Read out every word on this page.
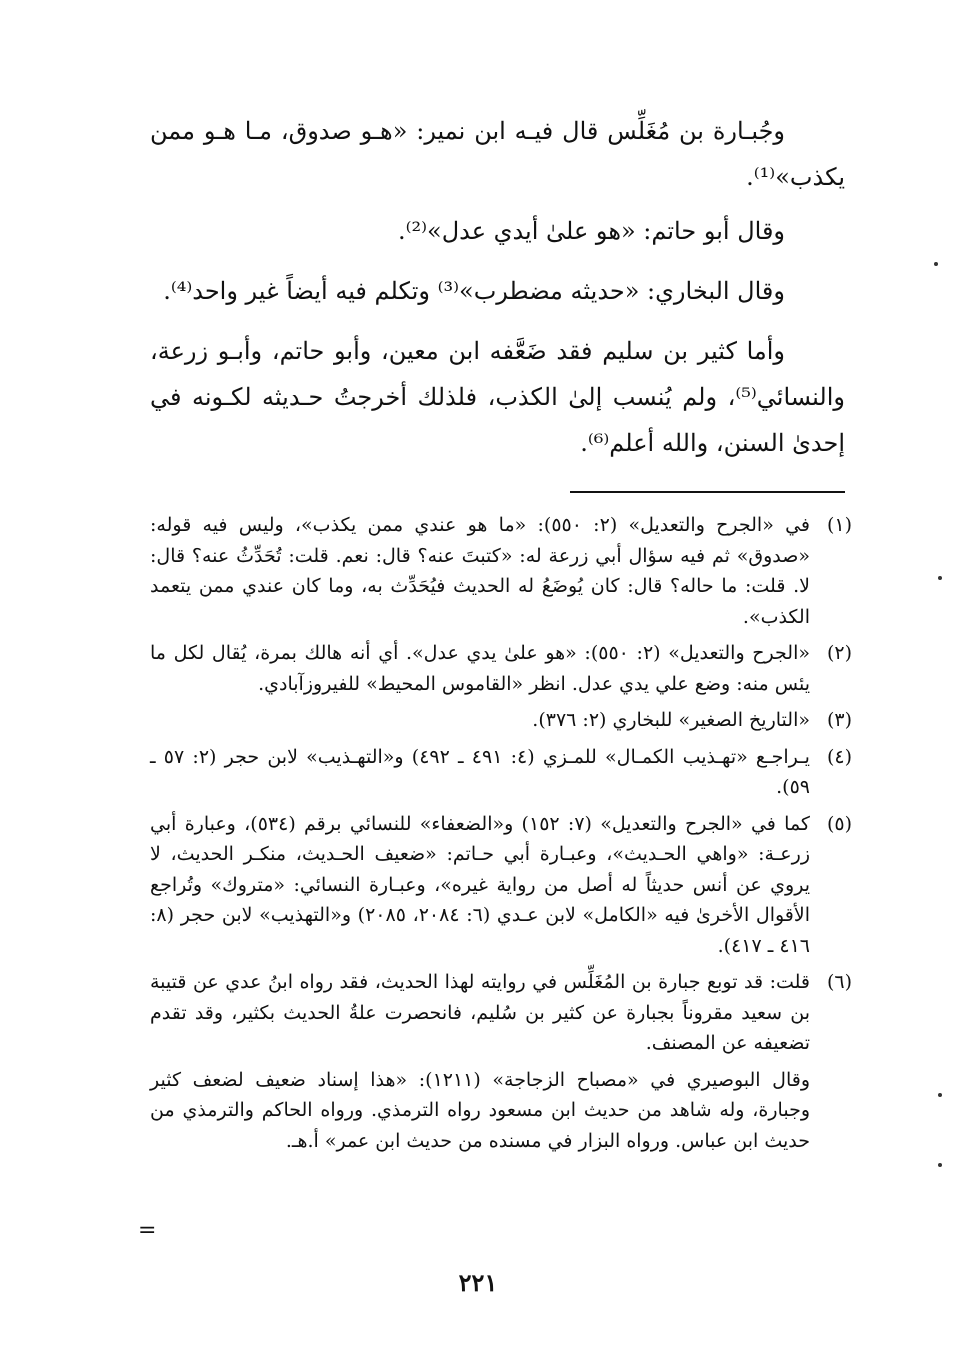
وجُبـارة بن مُغَلِّس قال فيـه ابن نمير: «هـو صدوق، مـا هـو ممن يكذب»⁽¹⁾.

وقال أبو حاتم: «هو علىٰ أيدي عدل»⁽²⁾.

وقال البخاري: «حديثه مضطرب»⁽³⁾ وتكلم فيه أيضاً غير واحد⁽⁴⁾.

وأما كثير بن سليم فقد ضَعَّفه ابن معين، وأبو حاتم، وأبـو زرعة، والنسائي⁽⁵⁾، ولم يُنسب إلىٰ الكذب، فلذلك أخرجتُ حـديثه لكـونه في إحدىٰ السنن، والله أعلم⁽⁶⁾.

(١)
في «الجرح والتعديل» (٢: ٥٥٠): «ما هو عندي ممن يكذب»، وليس فيه قوله: «صدوق» ثم فيه سؤال أبي زرعة له: «كتبتَ عنه؟ قال: نعم. قلت: تُحَدِّثُ عنه؟ قال: لا. قلت: ما حاله؟ قال: كان يُوضَعُ له الحديث فيُحَدِّث به، وما كان عندي ممن يتعمد الكذب».
(٢)
«الجرح والتعديل» (٢: ٥٥٠): «هو علىٰ يدي عدل». أي أنه هالك بمرة، يُقال لكل ما يئس منه: وضع علي يدي عدل. انظر «القاموس المحيط» للفيروزآبادي.
(٣)
«التاريخ الصغير» للبخاري (٢: ٣٧٦).
(٤)
يـراجـع «تهـذيب الكمـال» للمـزي (٤: ٤٩١ ـ ٤٩٢) و«التهـذيب» لابن حجر (٢: ٥٧ ـ ٥٩).
(٥)
كما في «الجرح والتعديل» (٧: ١٥٢) و«الضعفاء» للنسائي برقم (٥٣٤)، وعبارة أبي زرعـة: «واهي الحـديث»، وعبـارة أبي حـاتم: «ضعيف الحـديث، منكـر الحديث، لا يروي عن أنس حديثاً له أصل من رواية غيره»، وعبـارة النسائي: «متروك» وتُراجع الأقوال الأخرىٰ فيه «الكامل» لابن عـدي (٦: ٢٠٨٤، ٢٠٨٥) و«التهذيب» لابن حجر (٨: ٤١٦ ـ ٤١٧).
(٦)
قلت: قد توبع جبارة بن المُغَلِّس في روايته لهذا الحديث، فقد رواه ابنُ عدي عن قتيبة بن سعيد مقروناً بجبارة عن كثير بن سُليم، فانحصرت علةُ الحديث بكثير، وقد تقدم تضعيفه عن المصنف.

وقال البوصيري في «مصباح الزجاجة» (١٢١١): «هذا إسناد ضعيف لضعف كثير وجبارة، وله شاهد من حديث ابن مسعود رواه الترمذي. ورواه الحاكم والترمذي من حديث ابن عباس. ورواه البزار في مسنده من حديث ابن عمر» أ.هـ.

=
٢٢١
